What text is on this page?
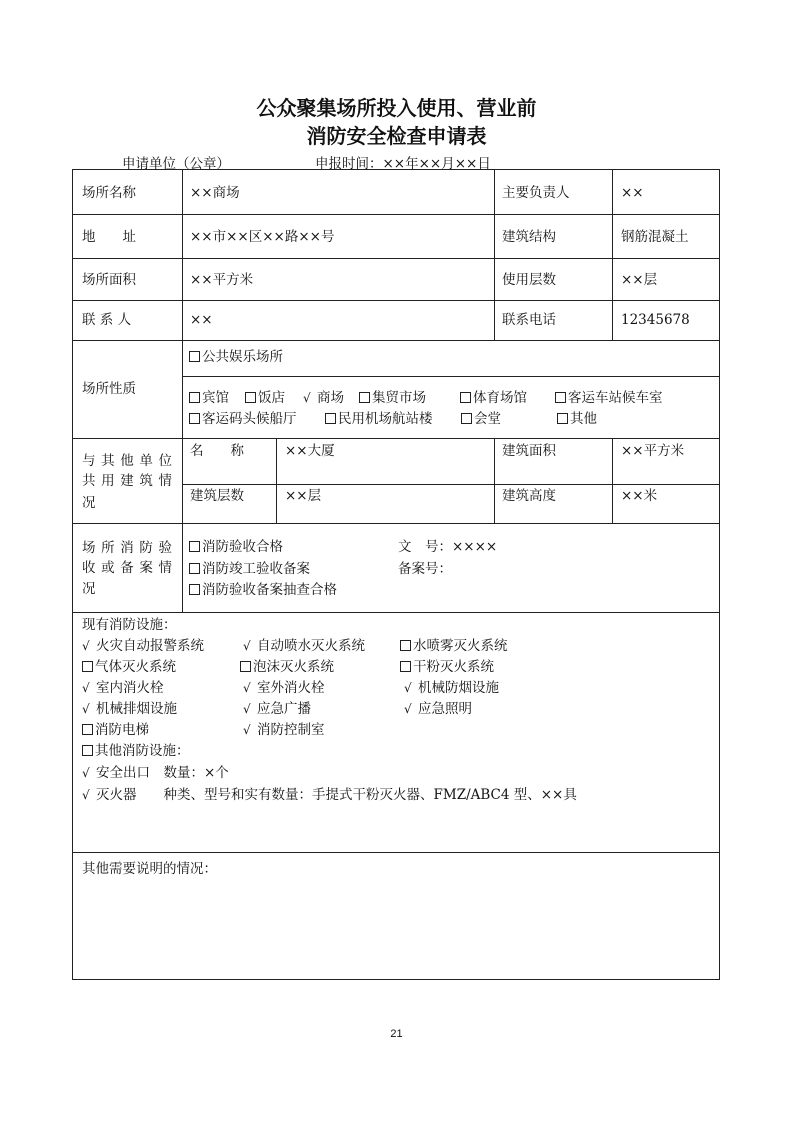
公众聚集场所投入使用、营业前
消防安全检查申请表
申请单位（公章）	申报时间：××年××月××日
场所名称	××商场	主要负责人	××
地　　址	××市××区××路××号	建筑结构	钢筋混凝土
场所面积	××平方米	使用层数	××层
联 系 人	××	联系电话	12345678
场所性质
公共娱乐场所
宾馆	饭店 √ 商场	集贸市场	体育场馆	客运车站候车室
客运码头候船厅	民用机场航站楼	会堂	其他
与其他单位
共用建筑情
况
名　　称	××大厦	建筑面积	××平方米
建筑层数	××层	建筑高度	××米
场所消防验
收或备案情
况
消防验收合格	文　号：××××
消防竣工验收备案	备案号：
消防验收备案抽查合格
现有消防设施：
√ 火灾自动报警系统	√ 自动喷水灭火系统	水喷雾灭火系统
气体灭火系统	泡沫灭火系统	干粉灭火系统
√ 室内消火栓	√ 室外消火栓	√ 机械防烟设施
√ 机械排烟设施	√ 应急广播	√ 应急照明
消防电梯	√ 消防控制室
其他消防设施：
√ 安全出口　数量：×个
√ 灭火器　　种类、型号和实有数量：手提式干粉灭火器、FMZ/ABC4 型、××具
其他需要说明的情况：
21
